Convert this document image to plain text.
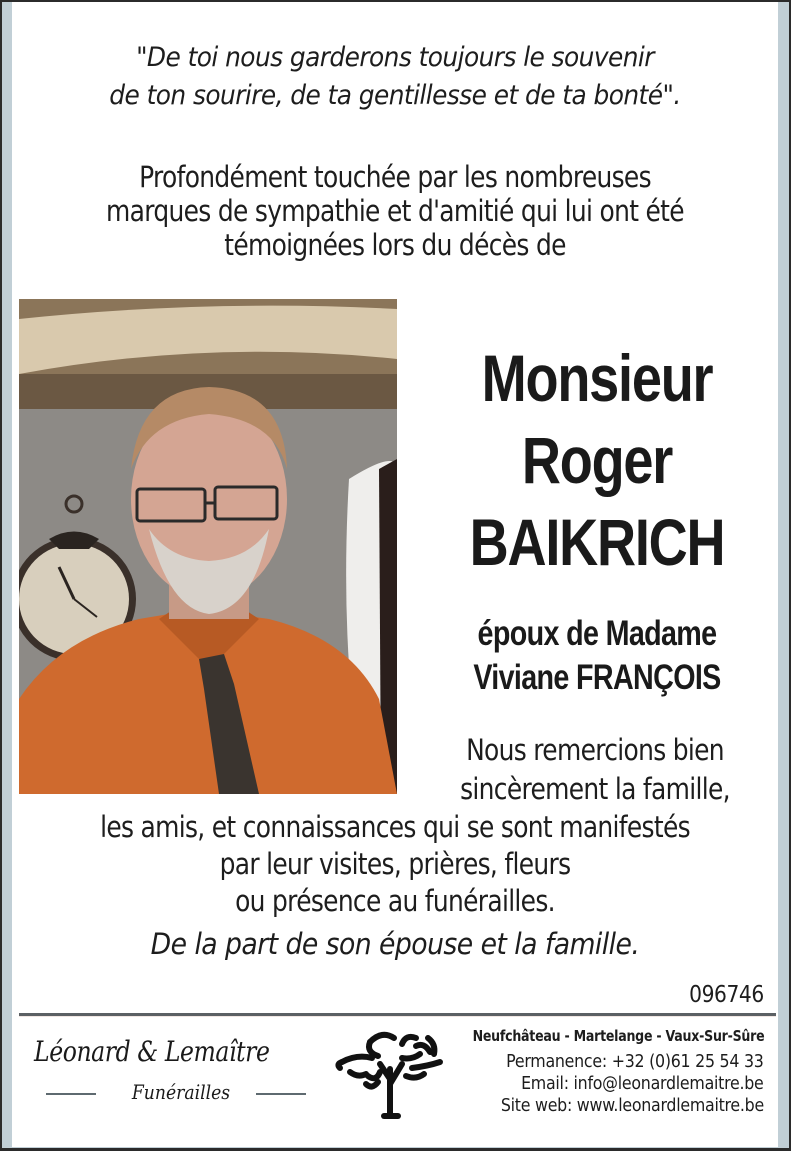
"De toi nous garderons toujours le souvenir
de ton sourire, de ta gentillesse et de ta bonté".
Profondément touchée par les nombreuses
marques de sympathie et d'amitié qui lui ont été
témoignées lors du décès de
Monsieur
Roger
BAIKRICH
époux de Madame
Viviane FRANÇOIS
Nous remercions bien
sincèrement la famille,
les amis, et connaissances qui se sont manifestés
par leur visites, prières, fleurs
ou présence au funérailles.
De la part de son épouse et la famille.
096746
Léonard & Lemaître
Funérailles
Neufchâteau - Martelange - Vaux-Sur-Sûre
Permanence: +32 (0)61 25 54 33
Email: info@leonardlemaitre.be
Site web: www.leonardlemaitre.be
